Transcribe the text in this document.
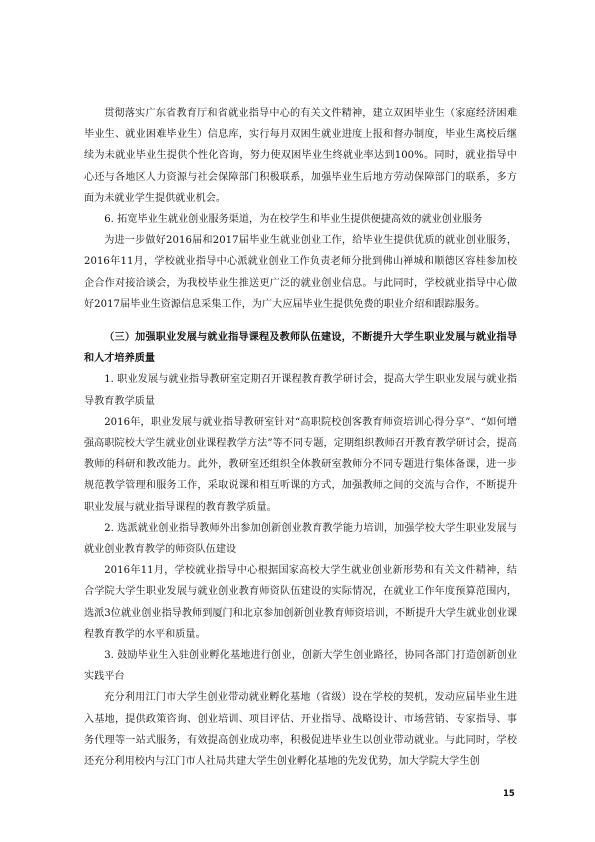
贯彻落实广东省教育厅和省就业指导中心的有关文件精神，建立双困毕业生（家庭经济困难毕业生、就业困难毕业生）信息库，实行每月双困生就业进度上报和督办制度，毕业生离校后继续为未就业毕业生提供个性化咨询，努力使双困毕业生终就业率达到100%。同时，就业指导中心还与各地区人力资源与社会保障部门积极联系，加强毕业生后地方劳动保障部门的联系，多方面为未就业学生提供就业机会。

6. 拓宽毕业生就业创业服务渠道，为在校学生和毕业生提供便捷高效的就业创业服务

为进一步做好2016届和2017届毕业生就业创业工作，给毕业生提供优质的就业创业服务，2016年11月，学校就业指导中心派就业创业工作负责老师分批到佛山禅城和顺德区容桂参加校企合作对接洽谈会，为我校毕业生推送更广泛的就业创业信息。与此同时，学校就业指导中心做好2017届毕业生资源信息采集工作，为广大应届毕业生提供免费的职业介绍和跟踪服务。

（三）加强职业发展与就业指导课程及教师队伍建设，不断提升大学生职业发展与就业指导和人才培养质量

1. 职业发展与就业指导教研室定期召开课程教育教学研讨会，提高大学生职业发展与就业指导教育教学质量

2016年，职业发展与就业指导教研室针对“高职院校创客教育师资培训心得分享”、“如何增强高职院校大学生就业创业课程教学方法”等不同专题，定期组织教师召开教育教学研讨会，提高教师的科研和教改能力。此外，教研室还组织全体教研室教师分不同专题进行集体备课，进一步规范教学管理和服务工作，采取说课和相互听课的方式，加强教师之间的交流与合作，不断提升职业发展与就业指导课程的教育教学质量。

2. 选派就业创业指导教师外出参加创新创业教育教学能力培训，加强学校大学生职业发展与就业创业教育教学的师资队伍建设

2016年11月，学校就业指导中心根据国家高校大学生就业创业新形势和有关文件精神，结合学院大学生职业发展与就业创业教育师资队伍建设的实际情况，在就业工作年度预算范围内，选派3位就业创业指导教师到厦门和北京参加创新创业教育师资培训，不断提升大学生就业创业课程教育教学的水平和质量。

3. 鼓励毕业生入驻创业孵化基地进行创业，创新大学生创业路径，协同各部门打造创新创业实践平台

充分利用江门市大学生创业带动就业孵化基地（省级）设在学校的契机，发动应届毕业生进入基地，提供政策咨询、创业培训、项目评估、开业指导、战略设计、市场营销、专家指导、事务代理等一站式服务，有效提高创业成功率，积极促进毕业生以创业带动就业。与此同时，学校还充分利用校内与江门市人社局共建大学生创业孵化基地的先发优势，加大学院大学生创

15
